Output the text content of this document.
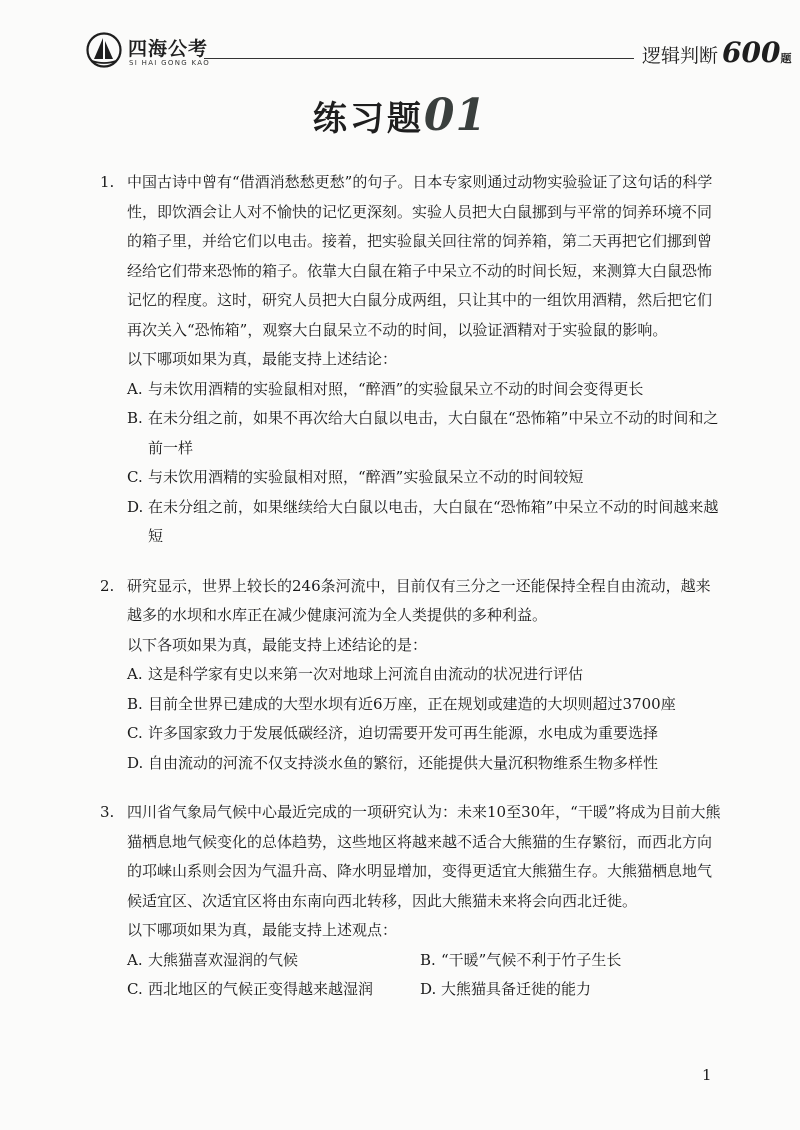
四海公考
SI HAI GONG KAO	逻辑判断 600题
练习题01
1. 中国古诗中曾有“借酒消愁愁更愁”的句子。日本专家则通过动物实验验证了这句话的科学性，即饮酒会让人对不愉快的记忆更深刻。实验人员把大白鼠挪到与平常的饲养环境不同的箱子里，并给它们以电击。接着，把实验鼠关回往常的饲养箱，第二天再把它们挪到曾经给它们带来恐怖的箱子。依靠大白鼠在箱子中呆立不动的时间长短，来测算大白鼠恐怖记忆的程度。这时，研究人员把大白鼠分成两组，只让其中的一组饮用酒精，然后把它们再次关入“恐怖箱”，观察大白鼠呆立不动的时间，以验证酒精对于实验鼠的影响。
以下哪项如果为真，最能支持上述结论：
A. 与未饮用酒精的实验鼠相对照，“醉酒”的实验鼠呆立不动的时间会变得更长
B. 在未分组之前，如果不再次给大白鼠以电击，大白鼠在“恐怖箱”中呆立不动的时间和之前一样
C. 与未饮用酒精的实验鼠相对照，“醉酒”实验鼠呆立不动的时间较短
D. 在未分组之前，如果继续给大白鼠以电击，大白鼠在“恐怖箱”中呆立不动的时间越来越短
2. 研究显示，世界上较长的246条河流中，目前仅有三分之一还能保持全程自由流动，越来越多的水坝和水库正在减少健康河流为全人类提供的多种利益。
以下各项如果为真，最能支持上述结论的是：
A. 这是科学家有史以来第一次对地球上河流自由流动的状况进行评估
B. 目前全世界已建成的大型水坝有近6万座，正在规划或建造的大坝则超过3700座
C. 许多国家致力于发展低碳经济，迫切需要开发可再生能源，水电成为重要选择
D. 自由流动的河流不仅支持淡水鱼的繁衍，还能提供大量沉积物维系生物多样性
3. 四川省气象局气候中心最近完成的一项研究认为：未来10至30年，“干暖”将成为目前大熊猫栖息地气候变化的总体趋势，这些地区将越来越不适合大熊猫的生存繁衍，而西北方向的邛崃山系则会因为气温升高、降水明显增加，变得更适宜大熊猫生存。大熊猫栖息地气候适宜区、次适宜区将由东南向西北转移，因此大熊猫未来将会向西北迁徙。
以下哪项如果为真，最能支持上述观点：
A. 大熊猫喜欢湿润的气候	B. “干暖”气候不利于竹子生长
C. 西北地区的气候正变得越来越湿润	D. 大熊猫具备迁徙的能力
1
